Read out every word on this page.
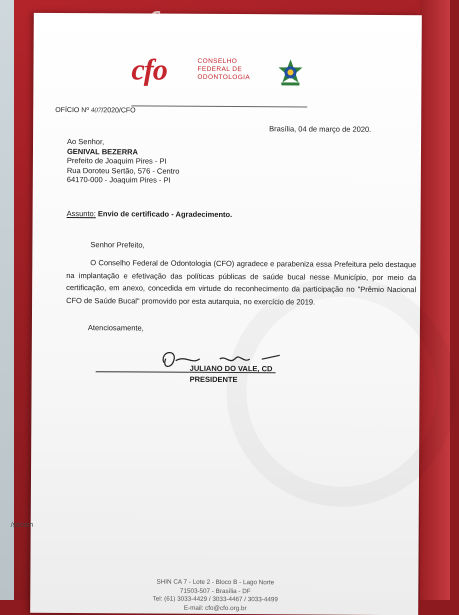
cfo	CONSELHO
FEDERAL DE
ODONTOLOGIA
OFÍCIO Nº 407/2020/CFO
Brasília, 04 de março de 2020.
Ao Senhor,
GENIVAL BEZERRA
Prefeito de Joaquim Pires - PI
Rua Doroteu Sertão, 576 - Centro
64170-000 - Joaquim Pires - PI
Assunto: Envio de certificado - Agradecimento.
Senhor Prefeito,

O Conselho Federal de Odontologia (CFO) agradece e parabeniza essa Prefeitura pelo destaque na implantação e efetivação das políticas públicas de saúde bucal nesse Município, por meio da certificação, em anexo, concedida em virtude do reconhecimento da participação no "Prêmio Nacional CFO de Saúde Bucal" promovido por esta autarquia, no exercício de 2019.

Atenciosamente,
JULIANO DO VALE, CD
PRESIDENTE
/secom
SHIN CA 7 - Lote 2 - Bloco B - Lago Norte
71503-507 - Brasília - DF
Tel: (61) 3033-4429 / 3033-4467 / 3033-4499
E-mail: cfo@cfo.org.br
